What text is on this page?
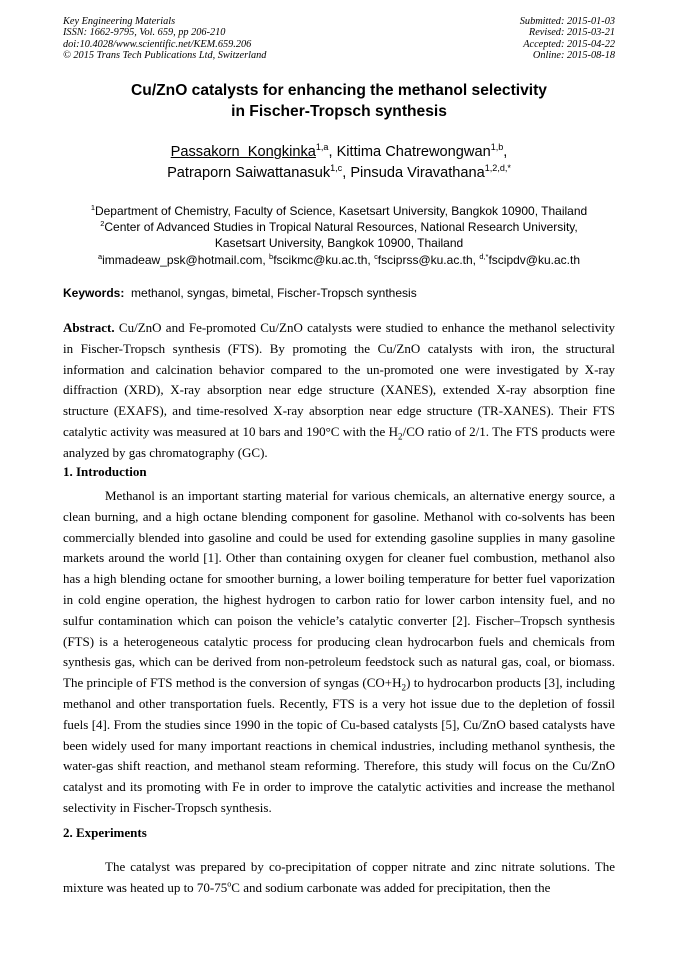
Key Engineering Materials
ISSN: 1662-9795, Vol. 659, pp 206-210
doi:10.4028/www.scientific.net/KEM.659.206
© 2015 Trans Tech Publications Ltd, Switzerland
Submitted: 2015-01-03
Revised: 2015-03-21
Accepted: 2015-04-22
Online: 2015-08-18
Cu/ZnO catalysts for enhancing the methanol selectivity
in Fischer-Tropsch synthesis
Passakorn  Kongkinka$^{1,a}$, Kittima Chatrewongwan$^{1,b}$,
Patraporn Saiwattanasuk$^{1,c}$, Pinsuda Viravathana$^{1,2,d,*}$
$^1$Department of Chemistry, Faculty of Science, Kasetsart University, Bangkok 10900, Thailand
$^2$Center of Advanced Studies in Tropical Natural Resources, National Research University,
Kasetsart University, Bangkok 10900, Thailand
$^a$immadeaw_psk@hotmail.com, $^b$fscikmc@ku.ac.th, $^c$fsciprss@ku.ac.th, $^{d,*}$fscipdv@ku.ac.th
Keywords:  methanol, syngas, bimetal, Fischer-Tropsch synthesis
Abstract. Cu/ZnO and Fe-promoted Cu/ZnO catalysts were studied to enhance the methanol selectivity in Fischer-Tropsch synthesis (FTS). By promoting the Cu/ZnO catalysts with iron, the structural information and calcination behavior compared to the un-promoted one were investigated by X-ray diffraction (XRD), X-ray absorption near edge structure (XANES), extended X-ray absorption fine structure (EXAFS), and time-resolved X-ray absorption near edge structure (TR-XANES). Their FTS catalytic activity was measured at 10 bars and 190°C with the $H_2/CO$ ratio of 2/1. The FTS products were analyzed by gas chromatography (GC).
1. Introduction
Methanol is an important starting material for various chemicals, an alternative energy source, a clean burning, and a high octane blending component for gasoline. Methanol with co-solvents has been commercially blended into gasoline and could be used for extending gasoline supplies in many gasoline markets around the world [1]. Other than containing oxygen for cleaner fuel combustion, methanol also has a high blending octane for smoother burning, a lower boiling temperature for better fuel vaporization in cold engine operation, the highest hydrogen to carbon ratio for lower carbon intensity fuel, and no sulfur contamination which can poison the vehicle’s catalytic converter [2]. Fischer–Tropsch synthesis (FTS) is a heterogeneous catalytic process for producing clean hydrocarbon fuels and chemicals from synthesis gas, which can be derived from non-petroleum feedstock such as natural gas, coal, or biomass. The principle of FTS method is the conversion of syngas $(CO+H_2)$ to hydrocarbon products [3], including methanol and other transportation fuels. Recently, FTS is a very hot issue due to the depletion of fossil fuels [4]. From the studies since 1990 in the topic of Cu-based catalysts [5], Cu/ZnO based catalysts have been widely used for many important reactions in chemical industries, including methanol synthesis, the water-gas shift reaction, and methanol steam reforming. Therefore, this study will focus on the Cu/ZnO catalyst and its promoting with Fe in order to improve the catalytic activities and increase the methanol selectivity in Fischer-Tropsch synthesis.
2. Experiments
The catalyst was prepared by co-precipitation of copper nitrate and zinc nitrate solutions. The mixture was heated up to 70-75$^o$C and sodium carbonate was added for precipitation, then the
